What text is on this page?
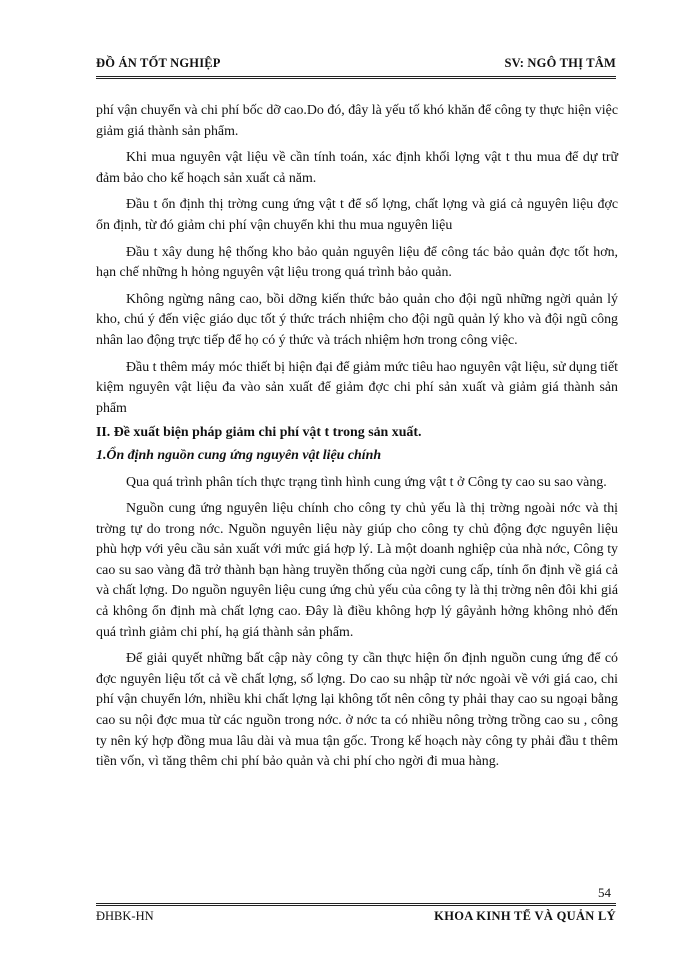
ĐỒ ÁN TỐT NGHIỆP	SV: NGÔ THỊ TÂM

phí vận chuyển và chi phí bốc dỡ cao.Do đó, đây là yếu tố khó khăn để công ty thực hiện việc giảm giá thành sản phẩm.

Khi mua nguyên vật liệu về cần tính toán, xác định khối lợng vật t thu mua để dự trữ đảm bảo cho kế hoạch sản xuất cả năm.

Đầu t ổn định thị trờng cung ứng vật t để số lợng, chất lợng và giá cả nguyên liệu đợc ổn định, từ đó giảm chi phí vận chuyển khi thu mua nguyên liệu

Đầu t xây dung hệ thống kho bảo quản nguyên liệu để công tác bảo quản đợc tốt hơn, hạn chế những h hỏng nguyên vật liệu trong quá trình bảo quản.

Không ngừng nâng cao, bồi dỡng kiến thức bảo quản cho đội ngũ những ngời quản lý kho, chú ý đến việc giáo dục tốt ý thức trách nhiệm cho đội ngũ quản lý kho và đội ngũ công nhân lao động trực tiếp để họ có ý thức và trách nhiệm hơn trong công việc.

Đầu t thêm máy móc thiết bị hiện đại để giảm mức tiêu hao nguyên vật liệu, sử dụng tiết kiệm nguyên vật liệu đa vào sản xuất để giảm đợc chi phí sản xuất và giảm giá thành sản phẩm

II. Đề xuất biện pháp giảm chi phí vật t trong sản xuất.

1.Ổn định nguồn cung ứng nguyên vật liệu chính

Qua quá trình phân tích thực trạng tình hình cung ứng vật t ở Công ty cao su sao vàng.

Nguồn cung ứng nguyên liệu chính cho công ty chủ yếu là thị trờng ngoài nớc và thị trờng tự do trong nớc. Nguồn nguyên liệu này giúp cho công ty chủ động đợc nguyên liệu phù hợp với yêu cầu sản xuất với mức giá hợp lý. Là một doanh nghiệp của nhà nớc, Công ty cao su sao vàng đã trở thành bạn hàng truyền thống của ngời cung cấp, tính ổn định về giá cả và chất lợng. Do nguồn nguyên liệu cung ứng chủ yếu của công ty là thị trờng nên đôi khi giá cả không ổn định mà chất lợng cao. Đây là điều không hợp lý gâyảnh hởng không nhỏ đến quá trình giảm chi phí, hạ giá thành sản phẩm.

Để giải quyết những bất cập này công ty cần thực hiện ổn định nguồn cung ứng để có đợc nguyên liệu tốt cả về chất lợng, số lợng. Do cao su nhập từ nớc ngoài về với giá cao, chi phí vận chuyển lớn, nhiều khi chất lợng lại không tốt nên công ty phải thay cao su ngoại bằng cao su nội đợc mua từ các nguồn trong nớc. ở nớc ta có nhiều nông trờng trồng cao su , công ty nên ký hợp đồng mua lâu dài và mua tận gốc. Trong kế hoạch này công ty phải đầu t thêm tiền vốn, vì tăng thêm chi phí bảo quản và chi phí cho ngời đi mua hàng.

54
ĐHBK-HN	KHOA KINH TẾ VÀ QUẢN LÝ
